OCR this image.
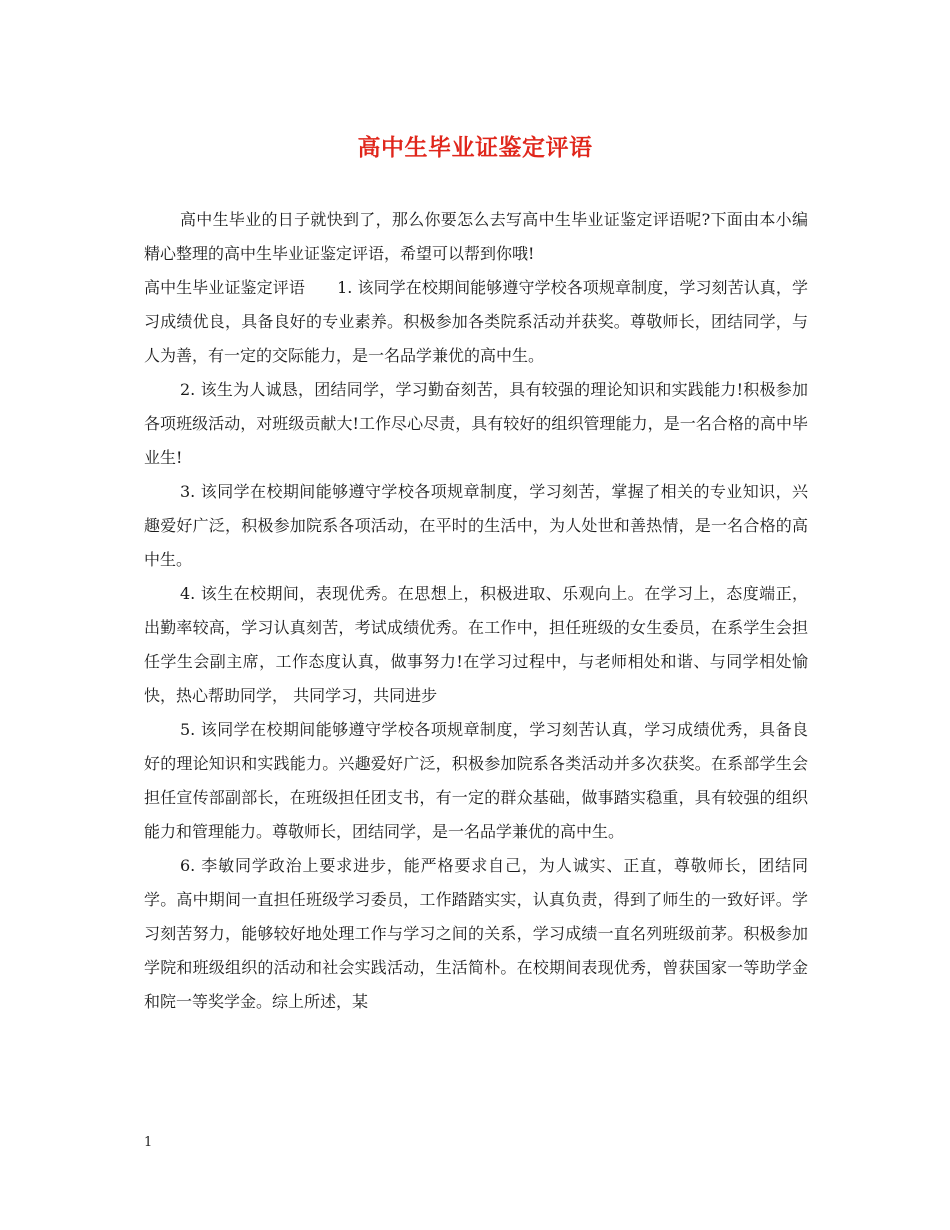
高中生毕业证鉴定评语

高中生毕业的日子就快到了，那么你要怎么去写高中生毕业证鉴定评语呢?下面由本小编精心整理的高中生毕业证鉴定评语，希望可以帮到你哦!

高中生毕业证鉴定评语　　1. 该同学在校期间能够遵守学校各项规章制度，学习刻苦认真，学习成绩优良，具备良好的专业素养。积极参加各类院系活动并获奖。尊敬师长，团结同学，与人为善，有一定的交际能力，是一名品学兼优的高中生。

2. 该生为人诚恳，团结同学，学习勤奋刻苦，具有较强的理论知识和实践能力!积极参加各项班级活动，对班级贡献大!工作尽心尽责，具有较好的组织管理能力，是一名合格的高中毕业生!

3. 该同学在校期间能够遵守学校各项规章制度，学习刻苦，掌握了相关的专业知识，兴趣爱好广泛，积极参加院系各项活动，在平时的生活中，为人处世和善热情，是一名合格的高中生。

4. 该生在校期间，表现优秀。在思想上，积极进取、乐观向上。在学习上，态度端正，出勤率较高，学习认真刻苦，考试成绩优秀。在工作中，担任班级的女生委员，在系学生会担任学生会副主席，工作态度认真，做事努力!在学习过程中，与老师相处和谐、与同学相处愉快，热心帮助同学， 共同学习，共同进步

5. 该同学在校期间能够遵守学校各项规章制度，学习刻苦认真，学习成绩优秀，具备良好的理论知识和实践能力。兴趣爱好广泛，积极参加院系各类活动并多次获奖。在系部学生会担任宣传部副部长，在班级担任团支书，有一定的群众基础，做事踏实稳重，具有较强的组织能力和管理能力。尊敬师长，团结同学，是一名品学兼优的高中生。

6. 李敏同学政治上要求进步，能严格要求自己，为人诚实、正直，尊敬师长，团结同学。高中期间一直担任班级学习委员，工作踏踏实实，认真负责，得到了师生的一致好评。学习刻苦努力，能够较好地处理工作与学习之间的关系，学习成绩一直名列班级前茅。积极参加学院和班级组织的活动和社会实践活动，生活简朴。在校期间表现优秀，曾获国家一等助学金和院一等奖学金。综上所述，某

1
